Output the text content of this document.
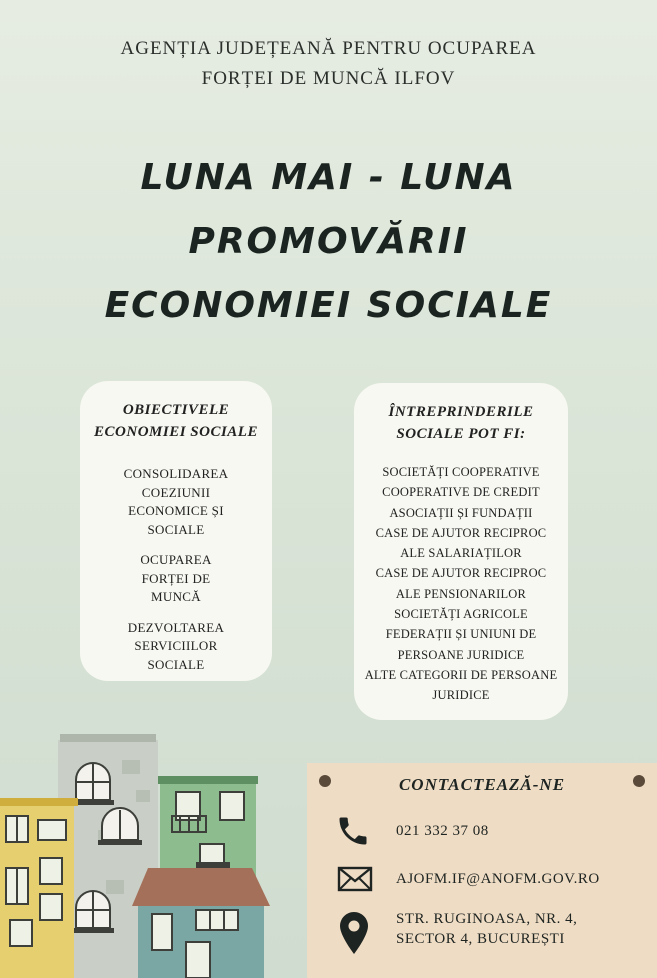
AGENȚIA JUDEȚEANĂ PENTRU OCUPAREA
FORȚEI DE MUNCĂ ILFOV
LUNA MAI - LUNA
PROMOVĂRII
ECONOMIEI SOCIALE
OBIECTIVELE
ECONOMIEI SOCIALE
CONSOLIDAREA
COEZIUNII
ECONOMICE ȘI
SOCIALE
OCUPAREA
FORȚEI DE
MUNCĂ
DEZVOLTAREA
SERVICIILOR
SOCIALE
ÎNTREPRINDERILE
SOCIALE POT FI:
SOCIETĂȚI COOPERATIVE
COOPERATIVE DE CREDIT
ASOCIAȚII ȘI FUNDAȚII
CASE DE AJUTOR RECIPROC
ALE SALARIAȚILOR
CASE DE AJUTOR RECIPROC
ALE PENSIONARILOR
SOCIETĂȚI AGRICOLE
FEDERAȚII ȘI UNIUNI DE
PERSOANE JURIDICE
ALTE CATEGORII DE PERSOANE
JURIDICE
CONTACTEAZĂ-NE
021 332 37 08
AJOFM.IF@ANOFM.GOV.RO
STR. RUGINOASA, NR. 4,
SECTOR 4, BUCUREȘTI
